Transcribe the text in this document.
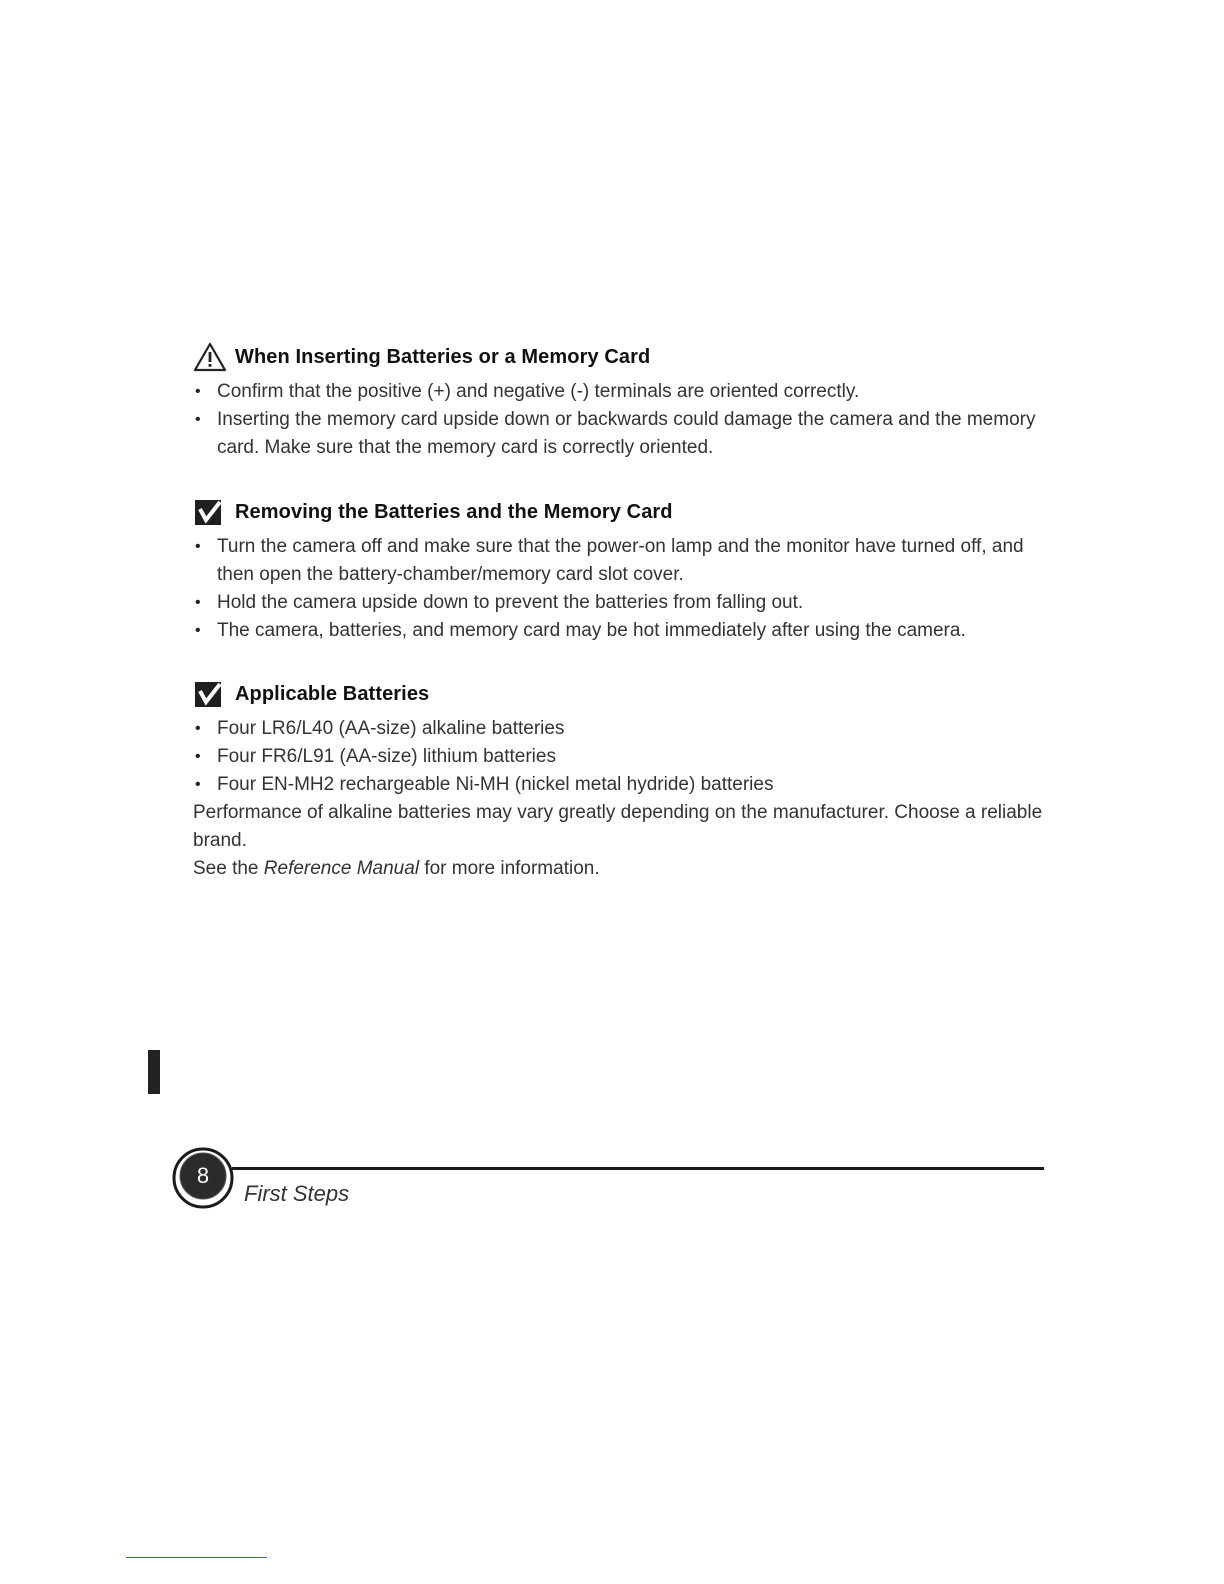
When Inserting Batteries or a Memory Card
• Confirm that the positive (+) and negative (-) terminals are oriented correctly.
• Inserting the memory card upside down or backwards could damage the camera and the memory card. Make sure that the memory card is correctly oriented.
Removing the Batteries and the Memory Card
• Turn the camera off and make sure that the power-on lamp and the monitor have turned off, and then open the battery-chamber/memory card slot cover.
• Hold the camera upside down to prevent the batteries from falling out.
• The camera, batteries, and memory card may be hot immediately after using the camera.
Applicable Batteries
• Four LR6/L40 (AA-size) alkaline batteries
• Four FR6/L91 (AA-size) lithium batteries
• Four EN-MH2 rechargeable Ni-MH (nickel metal hydride) batteries

Performance of alkaline batteries may vary greatly depending on the manufacturer. Choose a reliable brand.

See the Reference Manual for more information.

8
First Steps
